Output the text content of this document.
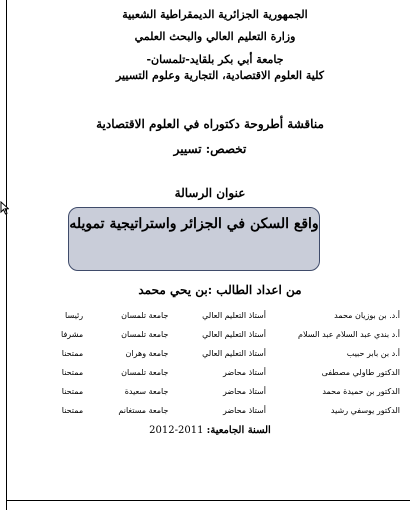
الجمهورية الجزائرية الديمقراطية الشعبية
وزارة التعليم العالي والبحث العلمي
جامعة أبي بكر بلقايد-تلمسان-
كلية العلوم الاقتصادية، التجارية وعلوم التسيير
مناقشة أطروحة دكتوراه في العلوم الاقتصادية
تخصص: تسيير
عنوان الرسالة
واقع السكن في الجزائر واستراتيجية تمويله
من اعداد الطالب :بن يحي محمد
أ.د. بن بوزيان محمد	أستاذ التعليم العالي	جامعة تلمسان	رئيسا
أ.د بندي عبد السلام عبد السلام	أستاذ التعليم العالي	جامعة تلمسان	مشرفا
أ.د بن بابر حبيب	أستاذ التعليم العالي	جامعة وهران	ممتحنا
الدكتور طاولي مصطفى	أستاذ محاضر	جامعة تلمسان	ممتحنا
الدكتور بن حميدة محمد	أستاذ محاضر	جامعة سعيدة	ممتحنا
الدكتور يوسفي رشيد	أستاذ محاضر	جامعة مستغانم	ممتحنا
السنة الجامعية: 2011-2012
